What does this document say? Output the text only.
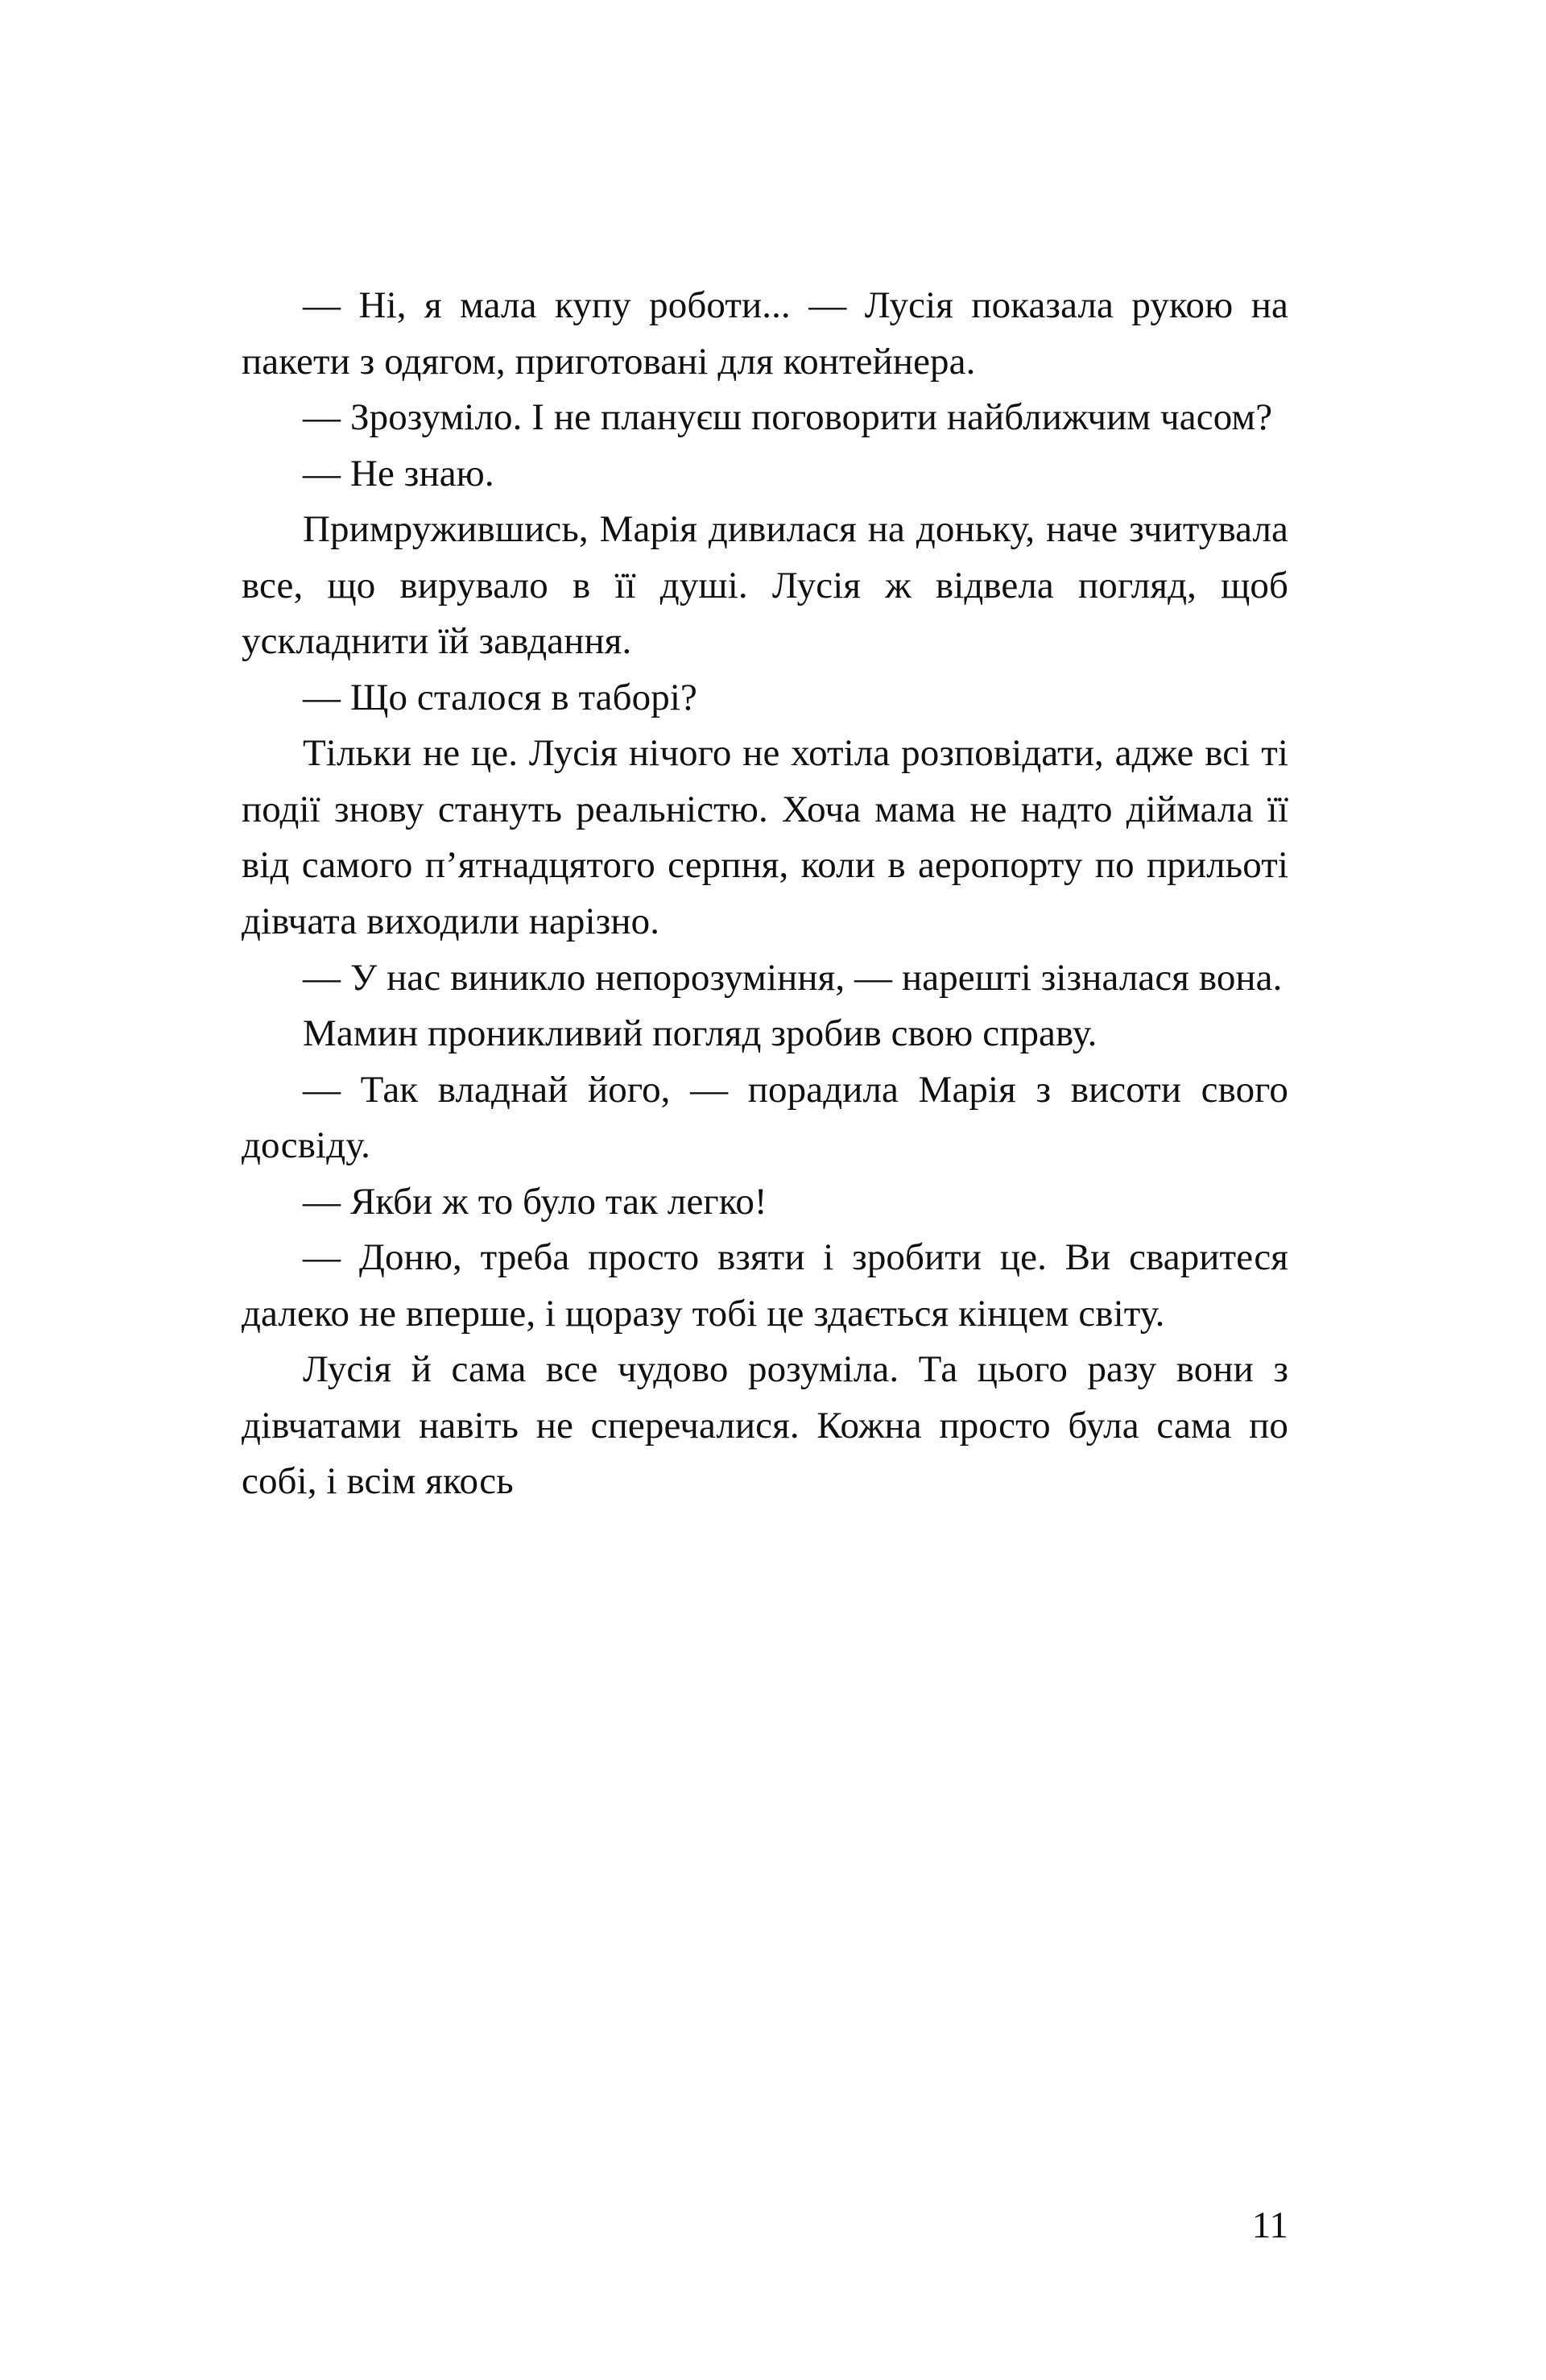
— Ні, я мала купу роботи... — Лусія показала рукою на пакети з одягом, приготовані для контейнера.

— Зрозуміло. І не плануєш поговорити найближчим часом?

— Не знаю.

Примружившись, Марія дивилася на доньку, наче зчитувала все, що вирувало в її душі. Лусія ж відвела погляд, щоб ускладнити їй завдання.

— Що сталося в таборі?

Тільки не це. Лусія нічого не хотіла розповідати, адже всі ті події знову стануть реальністю. Хоча мама не надто діймала її від самого п’ятнадцятого серпня, коли в аеропорту по прильоті дівчата виходили нарізно.

— У нас виникло непорозуміння, — нарешті зізналася вона.

Мамин проникливий погляд зробив свою справу.

— Так владнай його, — порадила Марія з висоти свого досвіду.

— Якби ж то було так легко!

— Доню, треба просто взяти і зробити це. Ви сваритеся далеко не вперше, і щоразу тобі це здається кінцем світу.

Лусія й сама все чудово розуміла. Та цього разу вони з дівчатами навіть не сперечалися. Кожна просто була сама по собі, і всім якось

11
